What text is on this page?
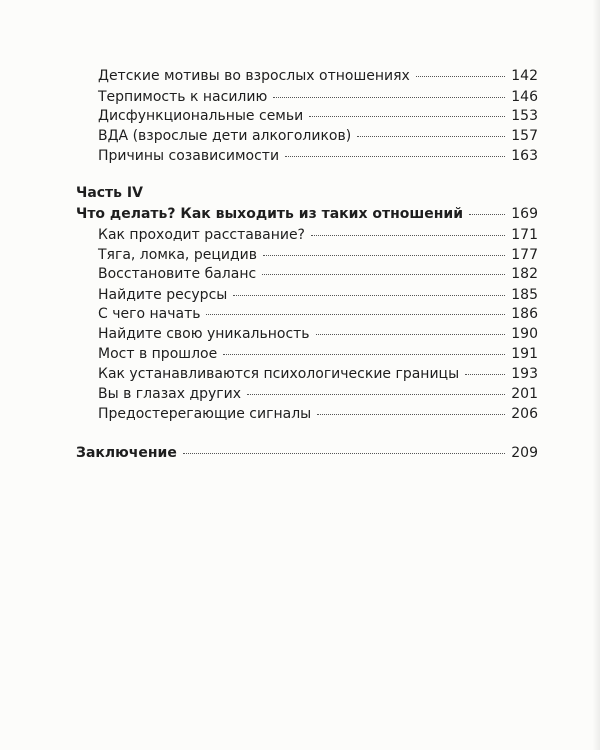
Детские мотивы во взрослых отношениях	142
Терпимость к насилию	146
Дисфункциональные семьи	153
ВДА (взрослые дети алкоголиков)	157
Причины созависимости	163
Часть IV
Что делать? Как выходить из таких отношений	169
Как проходит расставание?	171
Тяга, ломка, рецидив	177
Восстановите баланс	182
Найдите ресурсы	185
С чего начать	186
Найдите свою уникальность	190
Мост в прошлое	191
Как устанавливаются психологические границы	193
Вы в глазах других	201
Предостерегающие сигналы	206
Заключение	209
